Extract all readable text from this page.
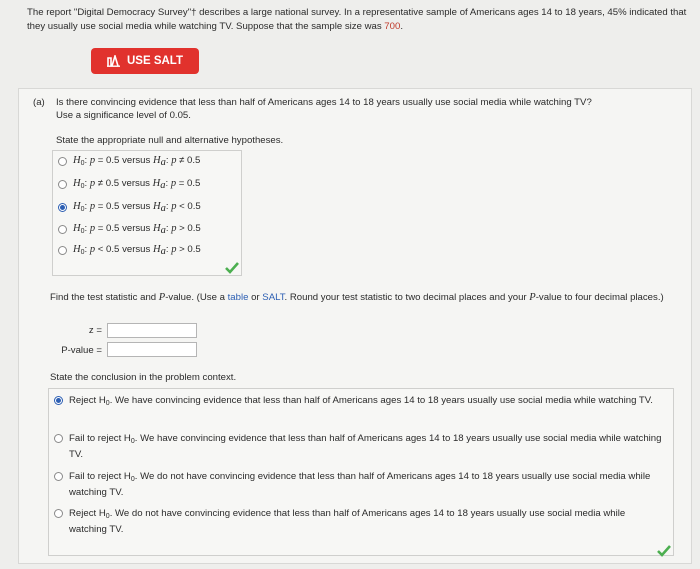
The report "Digital Democracy Survey"† describes a large national survey. In a representative sample of Americans ages 14 to 18 years, 45% indicated that they usually use social media while watching TV. Suppose that the sample size was 700.
USE SALT
(a) Is there convincing evidence that less than half of Americans ages 14 to 18 years usually use social media while watching TV?
Use a significance level of 0.05.
State the appropriate null and alternative hypotheses.
$H_0$: p = 0.5 versus $H_a$: p ≠ 0.5
$H_0$: p ≠ 0.5 versus $H_a$: p = 0.5
$H_0$: p = 0.5 versus $H_a$: p < 0.5
$H_0$: p = 0.5 versus $H_a$: p > 0.5
$H_0$: p < 0.5 versus $H_a$: p > 0.5
Find the test statistic and P-value. (Use a table or SALT. Round your test statistic to two decimal places and your P-value to four decimal places.)
z =
P-value =
State the conclusion in the problem context.
Reject $H_0$. We have convincing evidence that less than half of Americans ages 14 to 18 years usually use social media while watching TV.
Fail to reject $H_0$. We have convincing evidence that less than half of Americans ages 14 to 18 years usually use social media while watching TV.
Fail to reject $H_0$. We do not have convincing evidence that less than half of Americans ages 14 to 18 years usually use social media while watching TV.
Reject $H_0$. We do not have convincing evidence that less than half of Americans ages 14 to 18 years usually use social media while watching TV.
